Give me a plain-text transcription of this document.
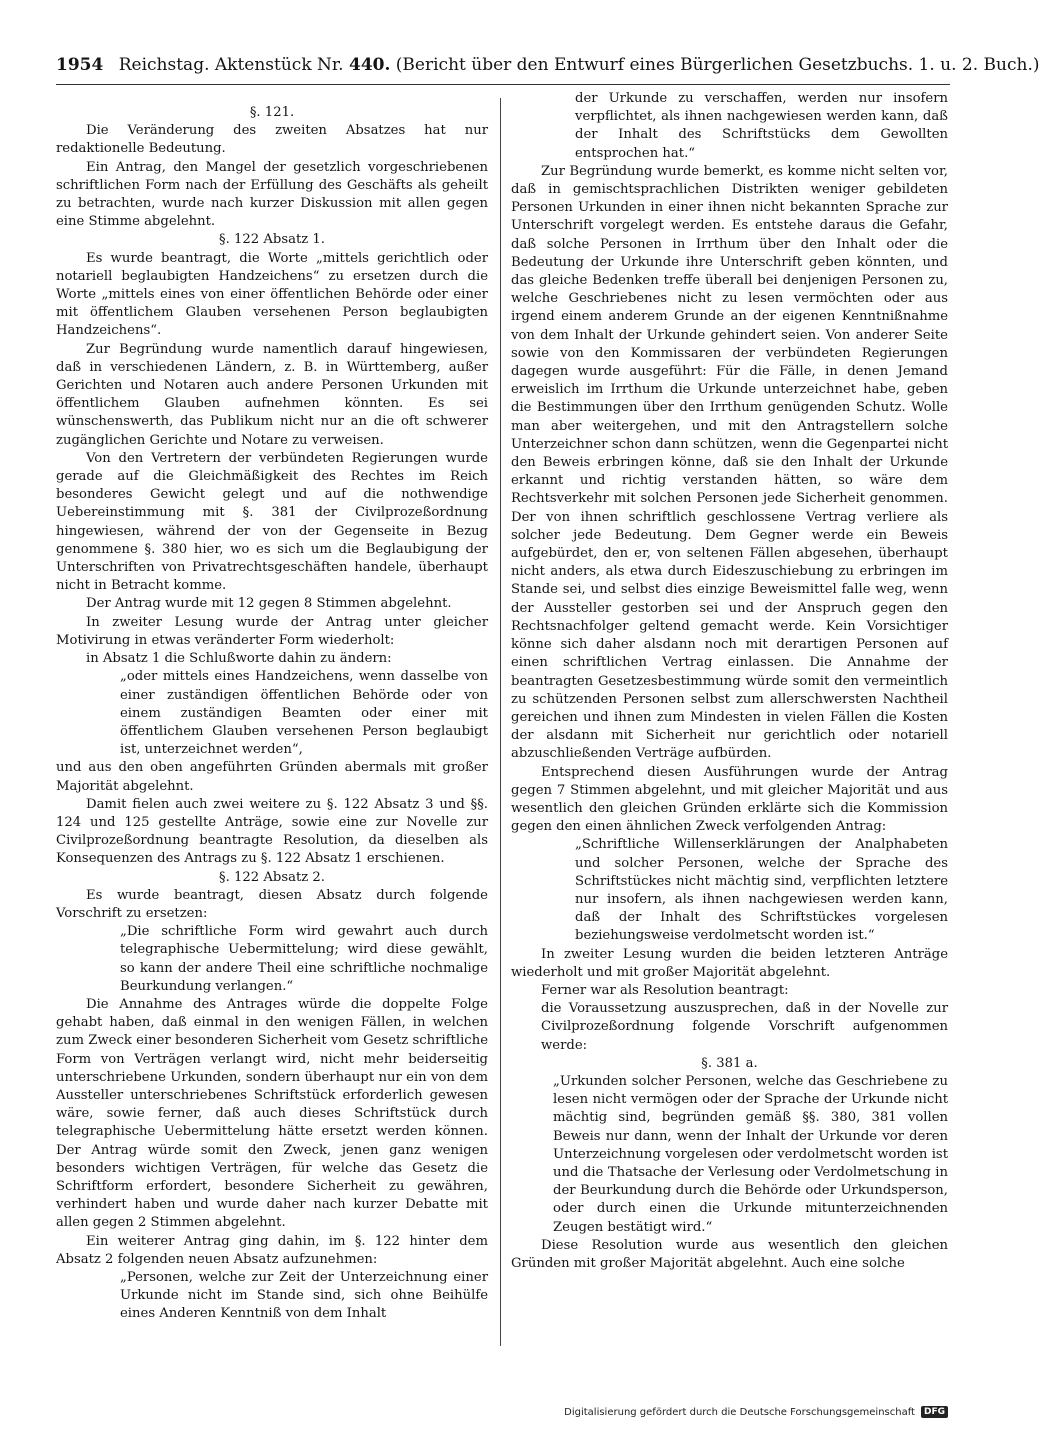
1954 Reichstag. Aktenstück Nr. 440. (Bericht über den Entwurf eines Bürgerlichen Gesetzbuchs. 1. u. 2. Buch.)

§. 121.

Die Veränderung des zweiten Absatzes hat nur redaktionelle Bedeutung.

Ein Antrag, den Mangel der gesetzlich vorgeschriebenen schriftlichen Form nach der Erfüllung des Geschäfts als geheilt zu betrachten, wurde nach kurzer Diskussion mit allen gegen eine Stimme abgelehnt.

§. 122 Absatz 1.

Es wurde beantragt, die Worte „mittels gerichtlich oder notariell beglaubigten Handzeichens“ zu ersetzen durch die Worte „mittels eines von einer öffentlichen Behörde oder einer mit öffentlichem Glauben versehenen Person beglaubigten Handzeichens“.

Zur Begründung wurde namentlich darauf hingewiesen, daß in verschiedenen Ländern, z. B. in Württemberg, außer Gerichten und Notaren auch andere Personen Urkunden mit öffentlichem Glauben aufnehmen könnten. Es sei wünschenswerth, das Publikum nicht nur an die oft schwerer zugänglichen Gerichte und Notare zu verweisen.

Von den Vertretern der verbündeten Regierungen wurde gerade auf die Gleichmäßigkeit des Rechtes im Reich besonderes Gewicht gelegt und auf die nothwendige Uebereinstimmung mit §. 381 der Civilprozeßordnung hingewiesen, während der von der Gegenseite in Bezug genommene §. 380 hier, wo es sich um die Beglaubigung der Unterschriften von Privatrechtsgeschäften handele, überhaupt nicht in Betracht komme.

Der Antrag wurde mit 12 gegen 8 Stimmen abgelehnt.

In zweiter Lesung wurde der Antrag unter gleicher Motivirung in etwas veränderter Form wiederholt:

in Absatz 1 die Schlußworte dahin zu ändern:

„oder mittels eines Handzeichens, wenn dasselbe von einer zuständigen öffentlichen Behörde oder von einem zuständigen Beamten oder einer mit öffentlichem Glauben versehenen Person beglaubigt ist, unterzeichnet werden“,

und aus den oben angeführten Gründen abermals mit großer Majorität abgelehnt.

Damit fielen auch zwei weitere zu §. 122 Absatz 3 und §§. 124 und 125 gestellte Anträge, sowie eine zur Novelle zur Civilprozeßordnung beantragte Resolution, da dieselben als Konsequenzen des Antrags zu §. 122 Absatz 1 erschienen.

§. 122 Absatz 2.

Es wurde beantragt, diesen Absatz durch folgende Vorschrift zu ersetzen:

„Die schriftliche Form wird gewahrt auch durch telegraphische Uebermittelung; wird diese gewählt, so kann der andere Theil eine schriftliche nochmalige Beurkundung verlangen.“

Die Annahme des Antrages würde die doppelte Folge gehabt haben, daß einmal in den wenigen Fällen, in welchen zum Zweck einer besonderen Sicherheit vom Gesetz schriftliche Form von Verträgen verlangt wird, nicht mehr beiderseitig unterschriebene Urkunden, sondern überhaupt nur ein von dem Aussteller unterschriebenes Schriftstück erforderlich gewesen wäre, sowie ferner, daß auch dieses Schriftstück durch telegraphische Uebermittelung hätte ersetzt werden können. Der Antrag würde somit den Zweck, jenen ganz wenigen besonders wichtigen Verträgen, für welche das Gesetz die Schriftform erfordert, besondere Sicherheit zu gewähren, verhindert haben und wurde daher nach kurzer Debatte mit allen gegen 2 Stimmen abgelehnt.

Ein weiterer Antrag ging dahin, im §. 122 hinter dem Absatz 2 folgenden neuen Absatz aufzunehmen:

„Personen, welche zur Zeit der Unterzeichnung einer Urkunde nicht im Stande sind, sich ohne Beihülfe eines Anderen Kenntniß von dem Inhalt

der Urkunde zu verschaffen, werden nur insofern verpflichtet, als ihnen nachgewiesen werden kann, daß der Inhalt des Schriftstücks dem Gewollten entsprochen hat.“

Zur Begründung wurde bemerkt, es komme nicht selten vor, daß in gemischtsprachlichen Distrikten weniger gebildeten Personen Urkunden in einer ihnen nicht bekannten Sprache zur Unterschrift vorgelegt werden. Es entstehe daraus die Gefahr, daß solche Personen in Irrthum über den Inhalt oder die Bedeutung der Urkunde ihre Unterschrift geben könnten, und das gleiche Bedenken treffe überall bei denjenigen Personen zu, welche Geschriebenes nicht zu lesen vermöchten oder aus irgend einem anderem Grunde an der eigenen Kenntnißnahme von dem Inhalt der Urkunde gehindert seien. Von anderer Seite sowie von den Kommissaren der verbündeten Regierungen dagegen wurde ausgeführt: Für die Fälle, in denen Jemand erweislich im Irrthum die Urkunde unterzeichnet habe, geben die Bestimmungen über den Irrthum genügenden Schutz. Wolle man aber weitergehen, und mit den Antragstellern solche Unterzeichner schon dann schützen, wenn die Gegenpartei nicht den Beweis erbringen könne, daß sie den Inhalt der Urkunde erkannt und richtig verstanden hätten, so wäre dem Rechtsverkehr mit solchen Personen jede Sicherheit genommen. Der von ihnen schriftlich geschlossene Vertrag verliere als solcher jede Bedeutung. Dem Gegner werde ein Beweis aufgebürdet, den er, von seltenen Fällen abgesehen, überhaupt nicht anders, als etwa durch Eideszuschiebung zu erbringen im Stande sei, und selbst dies einzige Beweismittel falle weg, wenn der Aussteller gestorben sei und der Anspruch gegen den Rechtsnachfolger geltend gemacht werde. Kein Vorsichtiger könne sich daher alsdann noch mit derartigen Personen auf einen schriftlichen Vertrag einlassen. Die Annahme der beantragten Gesetzesbestimmung würde somit den vermeintlich zu schützenden Personen selbst zum allerschwersten Nachtheil gereichen und ihnen zum Mindesten in vielen Fällen die Kosten der alsdann mit Sicherheit nur gerichtlich oder notariell abzuschließenden Verträge aufbürden.

Entsprechend diesen Ausführungen wurde der Antrag gegen 7 Stimmen abgelehnt, und mit gleicher Majorität und aus wesentlich den gleichen Gründen erklärte sich die Kommission gegen den einen ähnlichen Zweck verfolgenden Antrag:

„Schriftliche Willenserklärungen der Analphabeten und solcher Personen, welche der Sprache des Schriftstückes nicht mächtig sind, verpflichten letztere nur insofern, als ihnen nachgewiesen werden kann, daß der Inhalt des Schriftstückes vorgelesen beziehungsweise verdolmetscht worden ist.“

In zweiter Lesung wurden die beiden letzteren Anträge wiederholt und mit großer Majorität abgelehnt.

Ferner war als Resolution beantragt:

die Voraussetzung auszusprechen, daß in der Novelle zur Civilprozeßordnung folgende Vorschrift aufgenommen werde:

§. 381 a.

„Urkunden solcher Personen, welche das Geschriebene zu lesen nicht vermögen oder der Sprache der Urkunde nicht mächtig sind, begründen gemäß §§. 380, 381 vollen Beweis nur dann, wenn der Inhalt der Urkunde vor deren Unterzeichnung vorgelesen oder verdolmetscht worden ist und die Thatsache der Verlesung oder Verdolmetschung in der Beurkundung durch die Behörde oder Urkundsperson, oder durch einen die Urkunde mitunterzeichnenden Zeugen bestätigt wird.“

Diese Resolution wurde aus wesentlich den gleichen Gründen mit großer Majorität abgelehnt. Auch eine solche

Digitalisierung gefördert durch die Deutsche Forschungsgemeinschaft	DFG
